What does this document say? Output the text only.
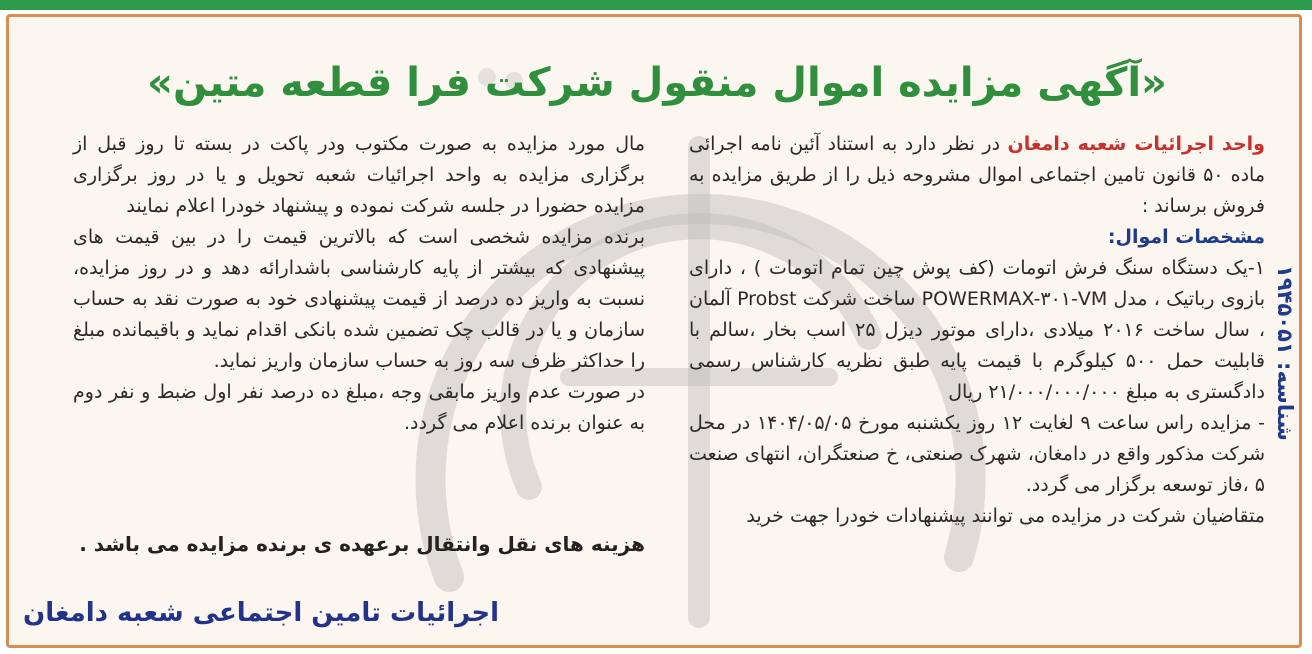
«آگهی مزایده اموال منقول شرکت فرا قطعه متین»
شناسه: ۱۹۴۵۰۵۱

واحد اجرائیات شعبه دامغان در نظر دارد به استناد آئین نامه اجرائی ماده ۵۰ قانون تامین اجتماعی اموال مشروحه ذیل را از طریق مزایده به فروش برساند :

مشخصات اموال:

۱-یک دستگاه سنگ فرش اتومات (کف پوش چین تمام اتومات ) ، دارای بازوی رباتیک ، مدل POWERMAX-۳۰۱-VM ساخت شرکت Probst آلمان ، سال ساخت ۲۰۱۶ میلادی ،دارای موتور دیزل ۲۵ اسب بخار ،سالم با قابلیت حمل ۵۰۰ کیلوگرم با قیمت پایه طبق نظریه کارشناس رسمی دادگستری به مبلغ ۲۱/۰۰۰/۰۰۰/۰۰۰ ریال

- مزایده راس ساعت ۹ لغایت ۱۲ روز یکشنبه مورخ ۱۴۰۴/۰۵/۰۵ در محل شرکت مذکور واقع در دامغان، شهرک صنعتی، خ صنعتگران، انتهای صنعت ۵ ،فاز توسعه برگزار می گردد.

متقاضیان شرکت در مزایده می توانند پیشنهادات خودرا جهت خرید

مال مورد مزایده به صورت مکتوب ودر پاکت در بسته تا روز قبل از برگزاری مزایده به واحد اجرائیات شعبه تحویل و یا در روز برگزاری مزایده حضورا در جلسه شرکت نموده و پیشنهاد خودرا اعلام نمایند

برنده مزایده شخصی است که بالاترین قیمت را در بین قیمت های پیشنهادی که بیشتر از پایه کارشناسی باشدارائه دهد و در روز مزایده، نسبت به واریز ده درصد از قیمت پیشنهادی خود به صورت نقد به حساب سازمان و یا در قالب چک تضمین شده بانکی اقدام نماید و باقیمانده مبلغ را حداکثر ظرف سه روز به حساب سازمان واریز نماید.

در صورت عدم واریز مابقی وجه ،مبلغ ده درصد نفر اول ضبط و نفر دوم به عنوان برنده اعلام می گردد.

هزینه های نقل وانتقال برعهده ی برنده مزایده می باشد .
اجرائیات تامین اجتماعی شعبه دامغان
